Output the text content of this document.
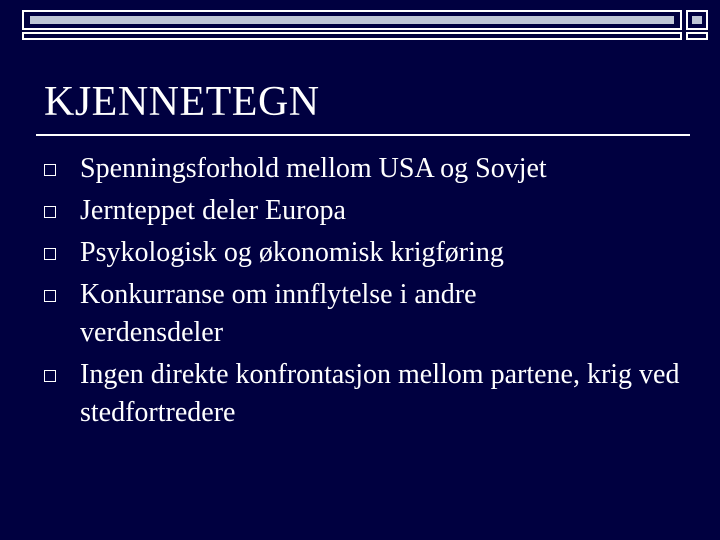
KJENNETEGN
Spenningsforhold mellom USA og Sovjet
Jernteppet deler Europa
Psykologisk og økonomisk krigføring
Konkurranse om innflytelse i andre verdensdeler
Ingen direkte konfrontasjon mellom partene, krig ved stedfortredere
